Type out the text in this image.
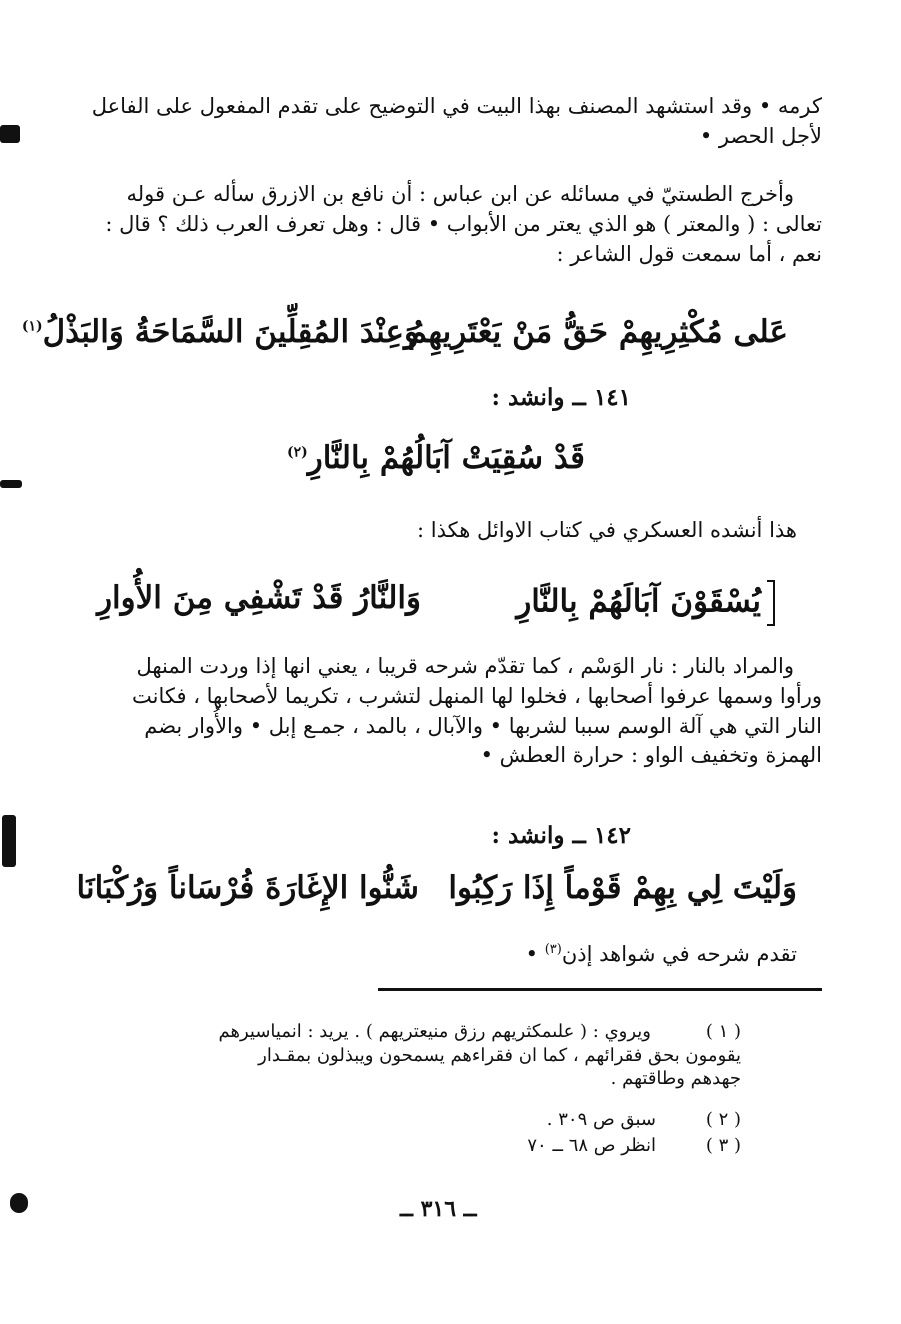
كرمه • وقد استشهد المصنف بهذا البيت في التوضيح على تقدم المفعول على الفاعل

لأجل الحصر •

وأخرج الطستيّ في مسائله عن ابن عباس : أن نافع بن الازرق سأله عـن قوله

تعالى : ( والمعتر ) هو الذي يعتر من الأبواب • قال : وهل تعرف العرب ذلك ؟ قال :

نعم ، أما سمعت قول الشاعر :

عَلى مُكْثِرِيهِمْ حَقُّ مَنْ يَعْتَرِيهِمُ
وَعِنْدَ المُقِلِّينَ السَّمَاحَةُ وَالبَذْلُ$^{(١)}$
١٤١ ــ وانشد :
قَدْ سُقِيَتْ آبَالُهُمْ بِالنَّارِ$^{(٢)}$

هذا أنشده العسكري في كتاب الاوائل هكذا :

يُسْقَوْنَ آبَالَهُمْ بِالنَّارِ
وَالنَّارُ قَدْ تَشْفِي مِنَ الأُوارِ

والمراد بالنار : نار الوَسْم ، كما تقدّم شرحه قريبا ، يعني انها إذا وردت المنهل

ورأوا وسمها عرفوا أصحابها ، فخلوا لها المنهل لتشرب ، تكريما لأصحابها ، فكانت

النار التي هي آلة الوسم سببا لشربها • والآبال ، بالمد ، جمـع إبل • والأُوار بضم

الهمزة وتخفيف الواو : حرارة العطش •

١٤٢ ــ وانشد :
وَلَيْتَ لِي بِهِمْ قَوْماً إِذَا رَكِبُوا
شَنُّوا الإِغَارَةَ فُرْسَاناً وَرُكْبَانَا

تقدم شرحه في شواهد إذن$^{(٣)}$ •

( ١ )
ويروي : ( علىمكثريهم رزق منيعتريهم ) . يريد : انمياسيرهم
يقومون بحق فقرائهم ، كما ان فقراءهم يسمحون ويبذلون بمقـدار
جهدهم وطاقتهم .
( ٢ )
سبق ص ٣٠٩ .
( ٣ )
انظر ص ٦٨ ــ ٧٠
ــ ٣١٦ ــ
